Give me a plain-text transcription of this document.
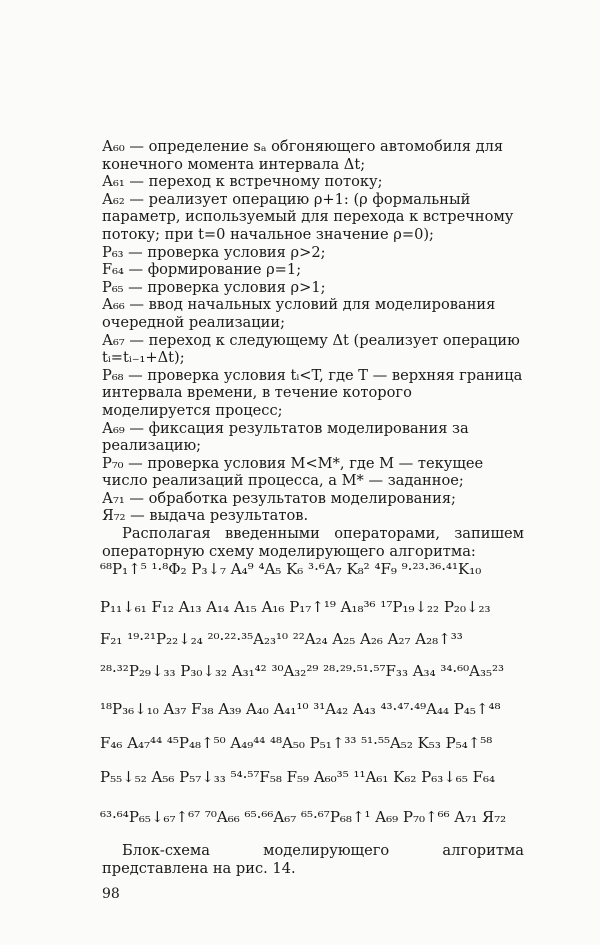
А₆₀ — определение sₐ обгоняющего автомобиля для конечного момента интервала Δt;
А₆₁ — переход к встречному потоку;
А₆₂ — реализует операцию ρ+1: (ρ формальный параметр, используемый для перехода к встречному потоку; при t=0 начальное значение ρ=0);
Р₆₃ — проверка условия ρ>2;
F₆₄ — формирование ρ=1;
Р₆₅ — проверка условия ρ>1;
А₆₆ — ввод начальных условий для моделирования очередной реализации;
А₆₇ — переход к следующему Δt (реализует операцию tᵢ=tᵢ₋₁+Δt);
Р₆₈ — проверка условия tᵢ<T, где T — верхняя граница интервала времени, в течение которого моделируется процесс;
А₆₉ — фиксация результатов моделирования за реализацию;
Р₇₀ — проверка условия M<M*, где M — текущее число реализаций процесса, а M* — заданное;
А₇₁ — обработка результатов моделирования;
Я₇₂ — выдача результатов.
Располагая введенными операторами, запишем операторную схему моделирующего алгоритма:
⁶⁸P₁↑⁵ ¹·⁸Φ₂ P₃↓₇ A₄⁹ ⁴A₅ K₆ ³·⁶A₇ K₈² ⁴F₉ ⁹·²³·³⁶·⁴¹K₁₀
P₁₁↓₆₁ F₁₂ A₁₃ A₁₄ A₁₅ A₁₆ P₁₇↑¹⁹ A₁₈³⁶ ¹⁷P₁₉↓₂₂ P₂₀↓₂₃
F₂₁ ¹⁹·²¹P₂₂↓₂₄ ²⁰·²²·³⁵A₂₃¹⁰ ²²A₂₄ A₂₅ A₂₆ A₂₇ A₂₈↑³³
²⁸·³²P₂₉↓₃₃ P₃₀↓₃₂ A₃₁⁴² ³⁰A₃₂²⁹ ²⁸·²⁹·⁵¹·⁵⁷F₃₃ A₃₄ ³⁴·⁶⁰A₃₅²³
¹⁸P₃₆↓₁₀ A₃₇ F₃₈ A₃₉ A₄₀ A₄₁¹⁰ ³¹A₄₂ A₄₃ ⁴³·⁴⁷·⁴⁹A₄₄ P₄₅↑⁴⁸
F₄₆ A₄₇⁴⁴ ⁴⁵P₄₈↑⁵⁰ A₄₉⁴⁴ ⁴⁸A₅₀ P₅₁↑³³ ⁵¹·⁵⁵A₅₂ K₅₃ P₅₄↑⁵⁸
P₅₅↓₅₂ A₅₆ P₅₇↓₃₃ ⁵⁴·⁵⁷F₅₈ F₅₉ A₆₀³⁵ ¹¹A₆₁ K₆₂ P₆₃↓₆₅ F₆₄
⁶³·⁶⁴P₆₅↓₆₇↑⁶⁷ ⁷⁰A₆₆ ⁶⁵·⁶⁶A₆₇ ⁶⁵·⁶⁷P₆₈↑¹ A₆₉ P₇₀↑⁶⁶ A₇₁ Я₇₂
Блок-схема моделирующего алгоритма представлена на рис. 14.
98
